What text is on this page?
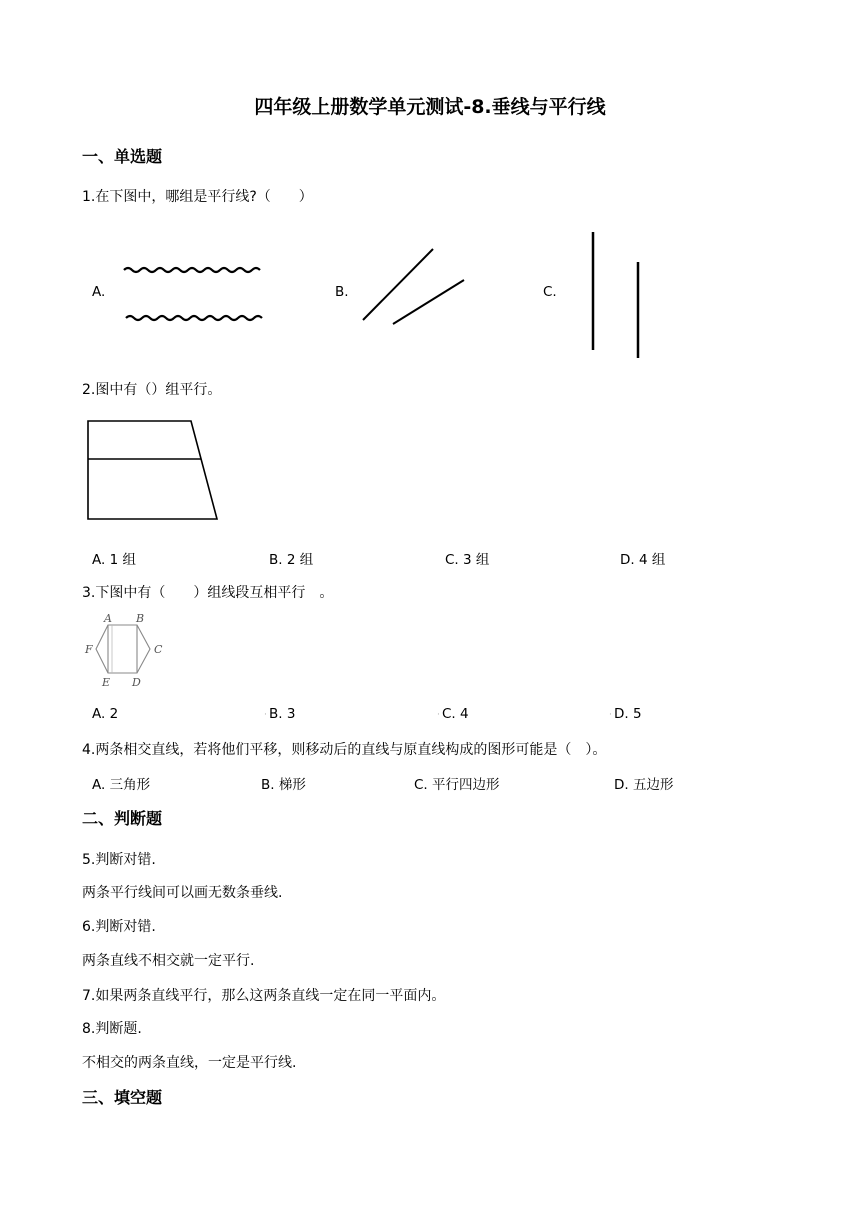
四年级上册数学单元测试-8.垂线与平行线
一、单选题
1.在下图中，哪组是平行线?（　　）
A.	B.	C.
2.图中有（）组平行。
A. 1 组	B. 2 组	C. 3 组	D. 4 组
3.下图中有（　　）组线段互相平行　。
A B
C
D
E
F
A. 2	· B. 3	· C. 4	· D. 5
4.两条相交直线，若将他们平移，则移动后的直线与原直线构成的图形可能是（　）。
A. 三角形	B. 梯形	C. 平行四边形	D. 五边形
二、判断题
5.判断对错.
两条平行线间可以画无数条垂线.
6.判断对错.
两条直线不相交就一定平行.
7.如果两条直线平行，那么这两条直线一定在同一平面内。
8.判断题.
不相交的两条直线，一定是平行线.
三、填空题
